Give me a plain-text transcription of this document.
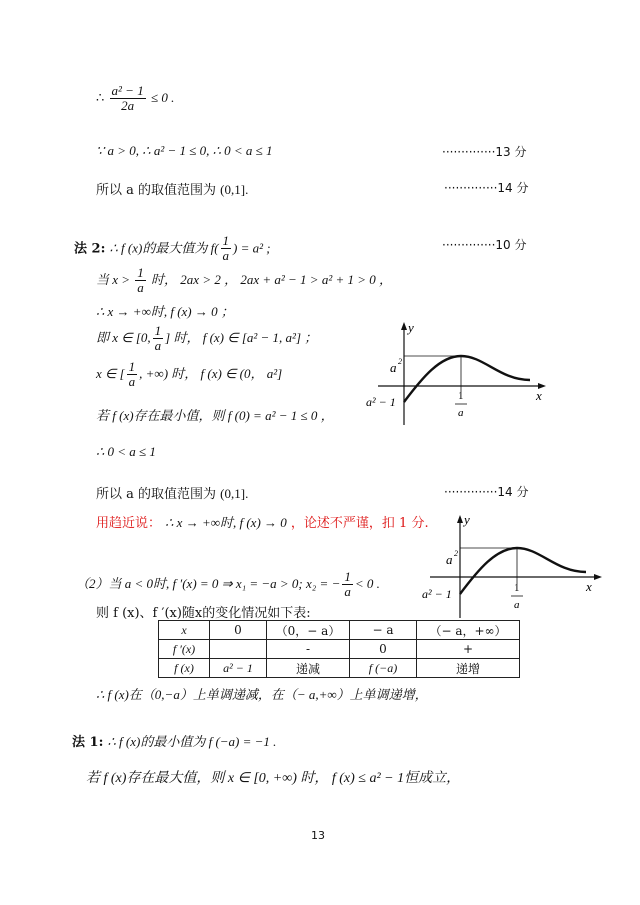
∴ $\frac{\text{a² − 1}}{2a} \le 0$ .
∵ a > 0, ∴ a² − 1 ≤ 0, ∴ 0 < a ≤ 1	··············13 分
所以 a 的取值范围为 (0,1].	··············14 分
法 2: ∴ f (x)的最大值为 $f( \frac{1}{a}$ ) = a² ;	··············10 分
当 $x > \frac{1}{a}$ 时， 2ax > 2 ， 2ax + a² − 1 > a² + 1 > 0 ，
∴ x → +∞时, f (x) → 0 ；
即 x ∈ [0, $\frac{1}{a}$ ] 时， f (x) ∈ [a² − 1, a²] ；
x ∈ [ $\frac{1}{a}$ , +∞) 时， f (x) ∈ (0， a²]
若 f (x)存在最小值，则 f (0) = a² − 1 ≤ 0 ，
∴ 0 < a ≤ 1
所以 a 的取值范围为 (0,1].	··············14 分
用趋近说： ∴ x → +∞时, f (x) → 0 ，论述不严谨，扣 1 分.
（2）当 a < 0时, f ′(x) = 0 ⇒ x₁ = −a > 0; x₂ = − $\frac{1}{a} < 0$ .
则 f (x)、f ′(x)随x的变化情况如下表:
x	0	（0，− a）	− a	（− a，+∞）
f ′(x)		-	0	+
f (x)	a² − 1	递减	f (−a)	递增
∴ f (x)在（0,−a）上单调递减，在（− a,+∞）上单调递增，
法 1: ∴ f (x)的最小值为 f (−a) = −1 .
若 f (x)存在最大值，则 x ∈ [0, +∞) 时， f (x) ≤ a² − 1恒成立，
y
x
a 2
a² − 1	1
a
y
x
a 2
a² − 1	1
a
13
